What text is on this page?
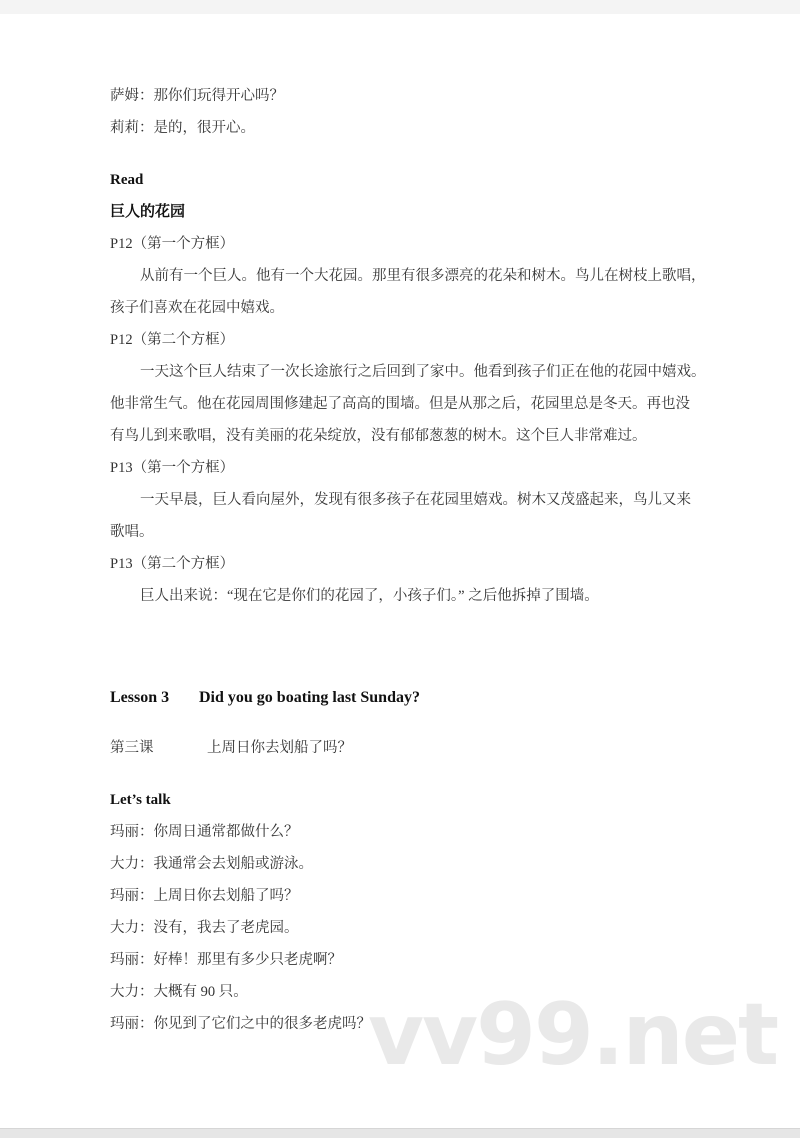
萨姆：那你们玩得开心吗？
莉莉：是的，很开心。
Read
巨人的花园
P12（第一个方框）
从前有一个巨人。他有一个大花园。那里有很多漂亮的花朵和树木。鸟儿在树枝上歌唱，
孩子们喜欢在花园中嬉戏。
P12（第二个方框）
一天这个巨人结束了一次长途旅行之后回到了家中。他看到孩子们正在他的花园中嬉戏。
他非常生气。他在花园周围修建起了高高的围墙。但是从那之后，花园里总是冬天。再也没
有鸟儿到来歌唱，没有美丽的花朵绽放，没有郁郁葱葱的树木。这个巨人非常难过。
P13（第一个方框）
一天早晨，巨人看向屋外，发现有很多孩子在花园里嬉戏。树木又茂盛起来，鸟儿又来
歌唱。
P13（第二个方框）
巨人出来说：“现在它是你们的花园了，小孩子们。” 之后他拆掉了围墙。
Lesson 3 Did you go boating last Sunday?
第三课	上周日你去划船了吗？
Let’s talk
玛丽：你周日通常都做什么？
大力：我通常会去划船或游泳。
玛丽：上周日你去划船了吗？
大力：没有，我去了老虎园。
玛丽：好棒！那里有多少只老虎啊？
大力：大概有 90 只。
玛丽：你见到了它们之中的很多老虎吗？
vv99.net
